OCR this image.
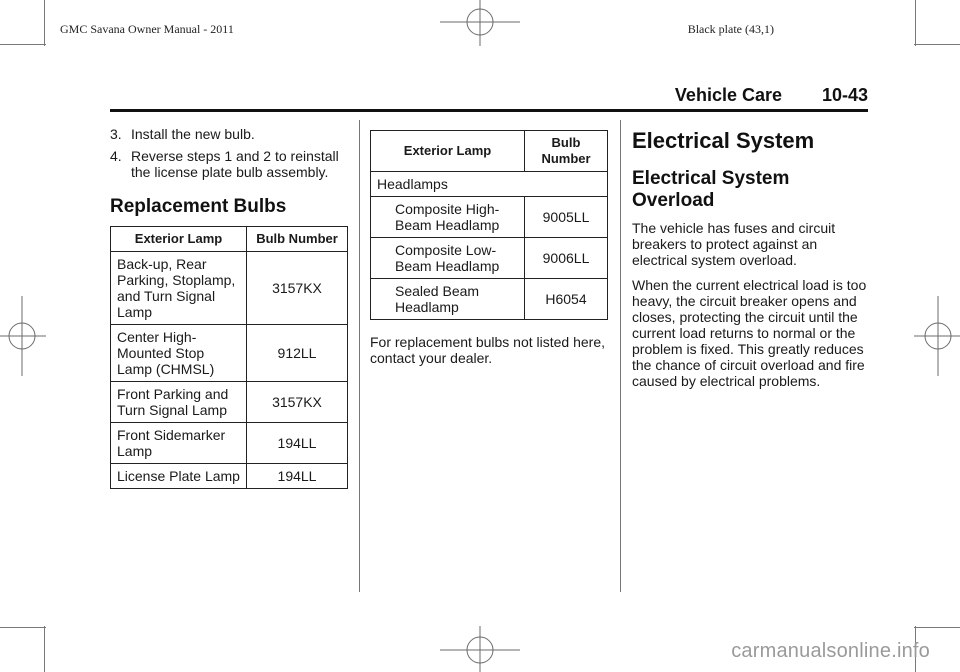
GMC Savana Owner Manual - 2011	Black plate (43,1)
Vehicle Care 10-43
3. Install the new bulb.
4. Reverse steps 1 and 2 to reinstall the license plate bulb assembly.
Replacement Bulbs
Exterior Lamp	Bulb Number
Back-up, Rear Parking, Stoplamp, and Turn Signal Lamp	3157KX
Center High-Mounted Stop Lamp (CHMSL)	912LL
Front Parking and Turn Signal Lamp	3157KX
Front Sidemarker Lamp	194LL
License Plate Lamp	194LL
Exterior Lamp	Bulb Number
Headlamps	
Composite High-Beam Headlamp	9005LL
Composite Low-Beam Headlamp	9006LL
Sealed Beam Headlamp	H6054

For replacement bulbs not listed here, contact your dealer.

Electrical System
Electrical System Overload

The vehicle has fuses and circuit breakers to protect against an electrical system overload.

When the current electrical load is too heavy, the circuit breaker opens and closes, protecting the circuit until the current load returns to normal or the problem is fixed. This greatly reduces the chance of circuit overload and fire caused by electrical problems.

carmanualsonline.info
